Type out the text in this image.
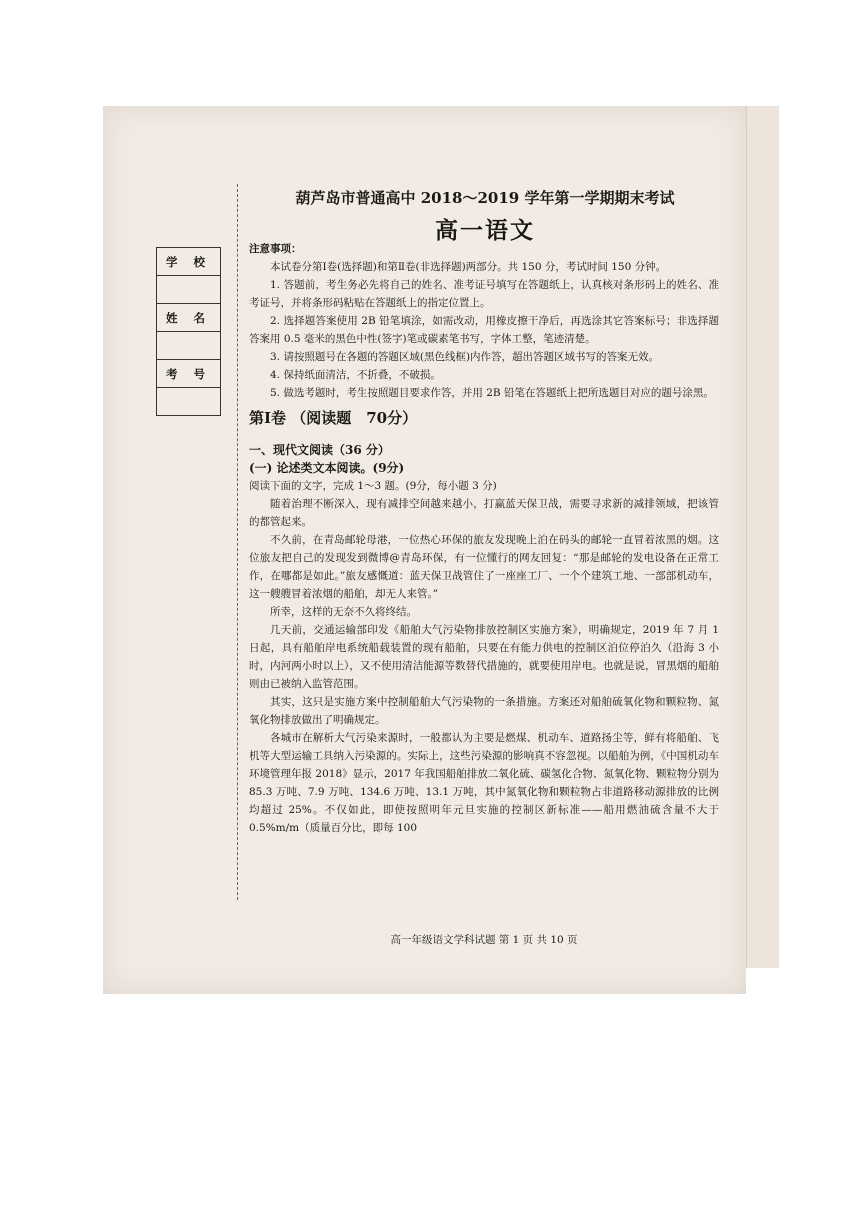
学 校

姓 名

考 号

葫芦岛市普通高中 2018～2019 学年第一学期期末考试
高一语文

注意事项：

本试卷分第Ⅰ卷(选择题)和第Ⅱ卷(非选择题)两部分。共 150 分，考试时间 150 分钟。

1. 答题前，考生务必先将自己的姓名、准考证号填写在答题纸上，认真核对条形码上的姓名、准考证号，并将条形码粘贴在答题纸上的指定位置上。

2. 选择题答案使用 2B 铅笔填涂，如需改动，用橡皮擦干净后，再选涂其它答案标号；非选择题答案用 0.5 毫米的黑色中性(签字)笔或碳素笔书写，字体工整，笔迹清楚。

3. 请按照题号在各题的答题区域(黑色线框)内作答，超出答题区域书写的答案无效。

4. 保持纸面清洁，不折叠，不破损。

5. 做选考题时，考生按照题目要求作答，并用 2B 铅笔在答题纸上把所选题目对应的题号涂黑。

第Ⅰ卷 （阅读题　70分）

一、现代文阅读（36 分）

(一) 论述类文本阅读。(9分)

阅读下面的文字，完成 1～3 题。(9分，每小题 3 分)

随着治理不断深入，现有减排空间越来越小，打赢蓝天保卫战，需要寻求新的减排领域，把该管的都管起来。

不久前，在青岛邮轮母港，一位热心环保的旅友发现晚上泊在码头的邮轮一直冒着浓黑的烟。这位旅友把自己的发现发到微博@青岛环保，有一位懂行的网友回复：“那是邮轮的发电设备在正常工作，在哪都是如此。”旅友感慨道：蓝天保卫战管住了一座座工厂、一个个建筑工地、一部部机动车，这一艘艘冒着浓烟的船舶，却无人来管。”

所幸，这样的无奈不久将终结。

几天前，交通运输部印发《船舶大气污染物排放控制区实施方案》，明确规定，2019 年 7 月 1 日起，具有船舶岸电系统船载装置的现有船舶，只要在有能力供电的控制区泊位停泊久（沿海 3 小时，内河两小时以上），又不使用清洁能源等数替代措施的，就要使用岸电。也就是说，冒黑烟的船舶则由已被纳入监管范围。

其实，这只是实施方案中控制船舶大气污染物的一条措施。方案还对船舶硫氧化物和颗粒物、氮氧化物排放做出了明确规定。

各城市在解析大气污染来源时，一般都认为主要是燃煤、机动车、道路扬尘等，鲜有将船舶、飞机等大型运输工具纳入污染源的。实际上，这些污染源的影响真不容忽视。以船舶为例，《中国机动车环境管理年报 2018》显示，2017 年我国船舶排放二氧化硫、碳氢化合物、氮氧化物、颗粒物分别为 85.3 万吨、7.9 万吨、134.6 万吨、13.1 万吨，其中氮氧化物和颗粒物占非道路移动源排放的比例均超过 25%。不仅如此，即使按照明年元旦实施的控制区新标准——船用燃油硫含量不大于 0.5%m/m（质量百分比，即每 100

高一年级语文学科试题 第 1 页 共 10 页
